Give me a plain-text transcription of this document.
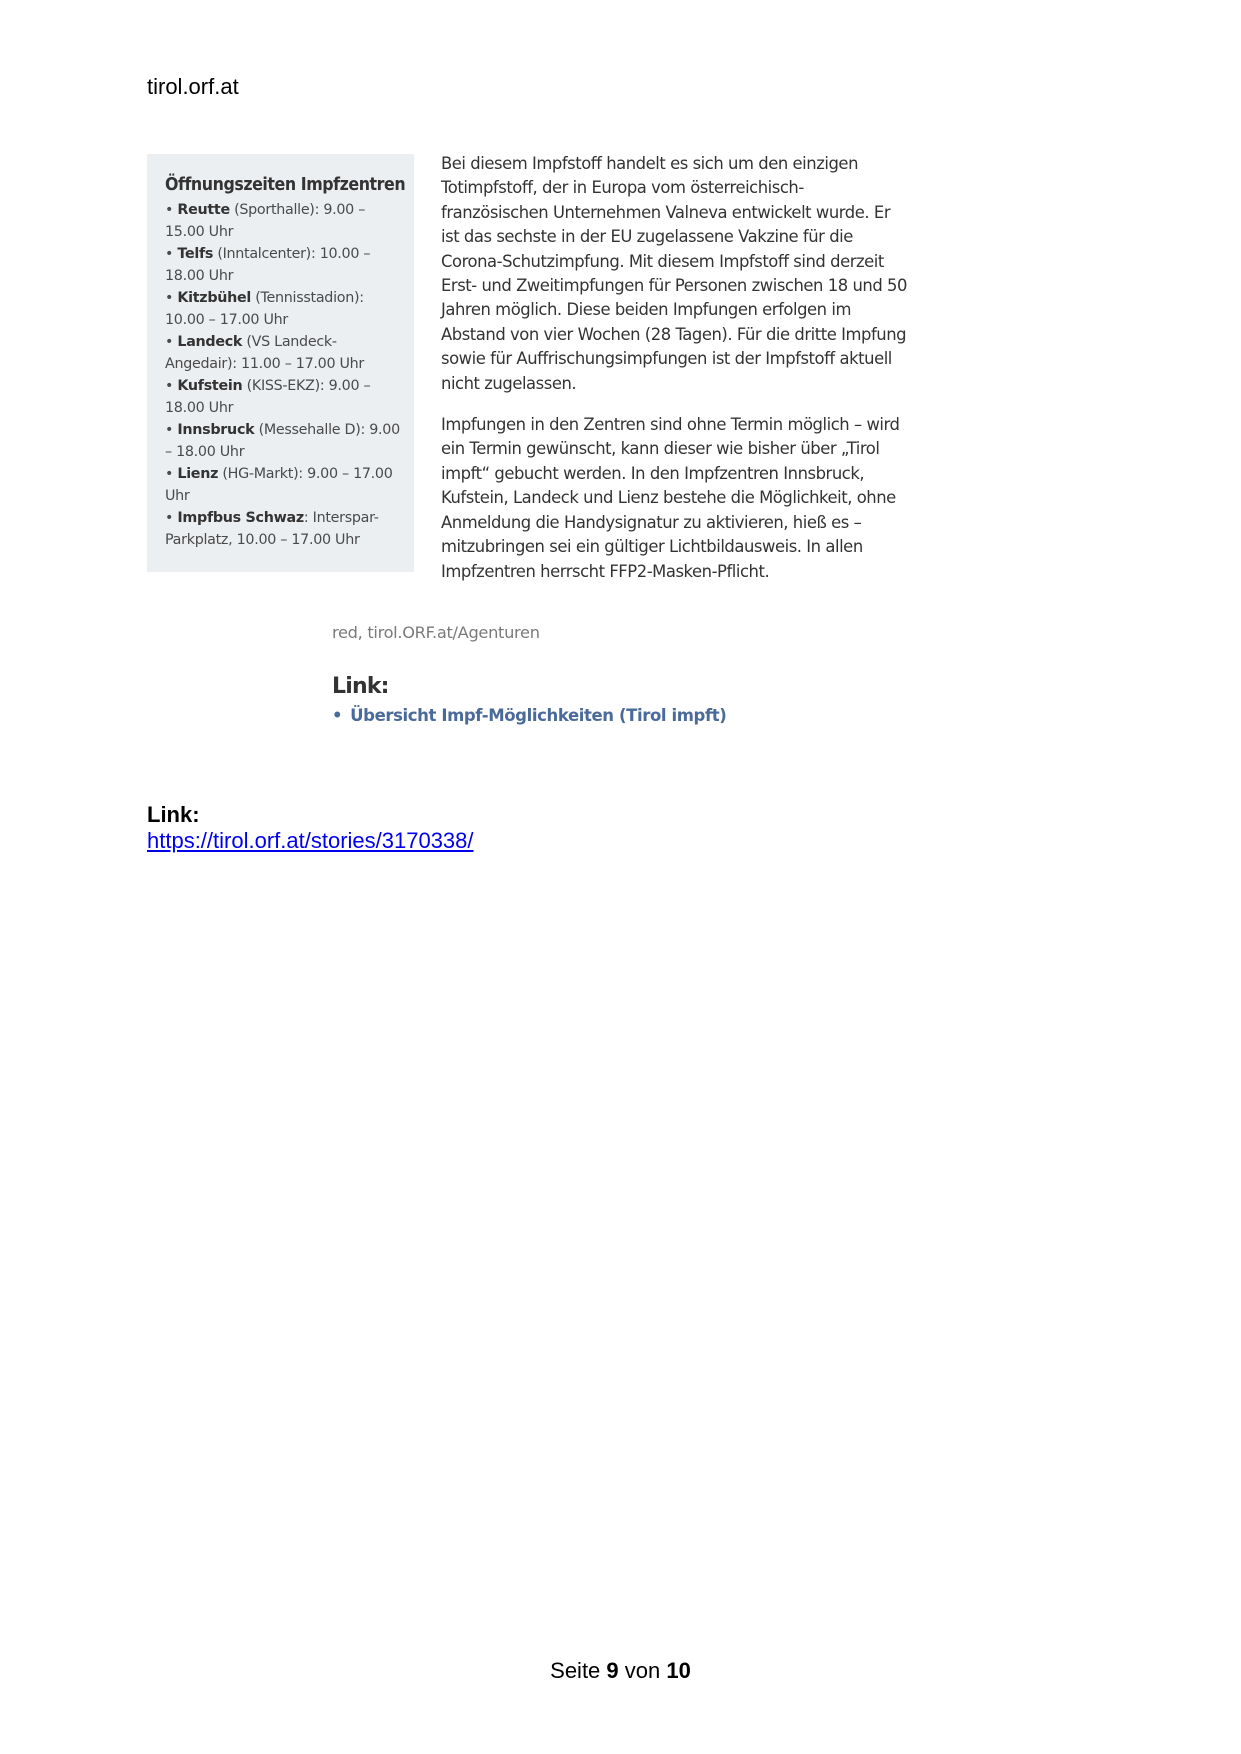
tirol.orf.at
Öffnungszeiten Impfzentren
• Reutte (Sporthalle): 9.00 – 15.00 Uhr
• Telfs (Inntalcenter): 10.00 – 18.00 Uhr
• Kitzbühel (Tennisstadion): 10.00 – 17.00 Uhr
• Landeck (VS Landeck-Angedair): 11.00 – 17.00 Uhr
• Kufstein (KISS-EKZ): 9.00 – 18.00 Uhr
• Innsbruck (Messehalle D): 9.00 – 18.00 Uhr
• Lienz (HG-Markt): 9.00 – 17.00 Uhr
• Impfbus Schwaz: Interspar-Parkplatz, 10.00 – 17.00 Uhr

Bei diesem Impfstoff handelt es sich um den einzigen Totimpfstoff, der in Europa vom österreichisch-französischen Unternehmen Valneva entwickelt wurde. Er ist das sechste in der EU zugelassene Vakzine für die Corona-Schutzimpfung. Mit diesem Impfstoff sind derzeit Erst- und Zweitimpfungen für Personen zwischen 18 und 50 Jahren möglich. Diese beiden Impfungen erfolgen im Abstand von vier Wochen (28 Tagen). Für die dritte Impfung sowie für Auffrischungsimpfungen ist der Impfstoff aktuell nicht zugelassen.

Impfungen in den Zentren sind ohne Termin möglich – wird ein Termin gewünscht, kann dieser wie bisher über „Tirol impft“ gebucht werden. In den Impfzentren Innsbruck, Kufstein, Landeck und Lienz bestehe die Möglichkeit, ohne Anmeldung die Handysignatur zu aktivieren, hieß es – mitzubringen sei ein gültiger Lichtbildausweis. In allen Impfzentren herrscht FFP2-Masken-Pflicht.

red, tirol.ORF.at/Agenturen
Link:
• Übersicht Impf-Möglichkeiten (Tirol impft)
Link:
https://tirol.orf.at/stories/3170338/
Seite 9 von 10
